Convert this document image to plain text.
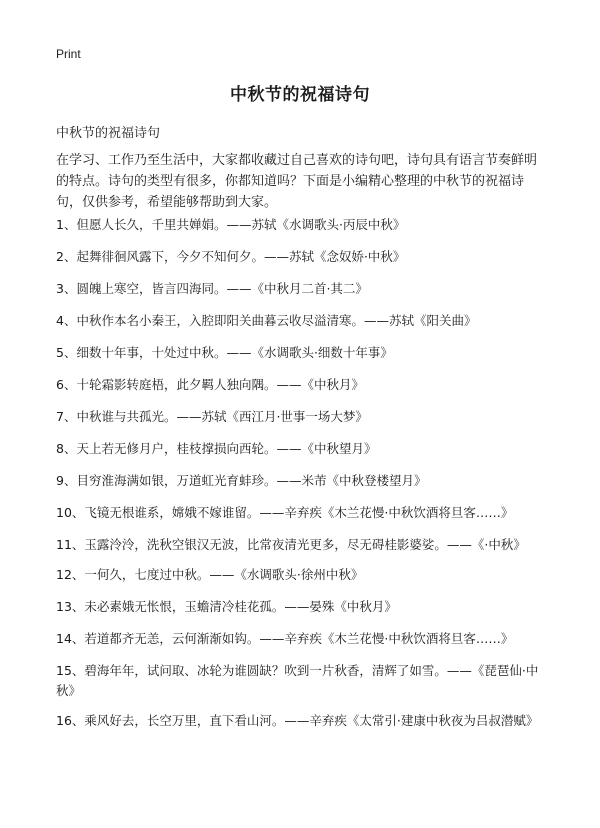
Print
中秋节的祝福诗句
中秋节的祝福诗句
在学习、工作乃至生活中，大家都收藏过自己喜欢的诗句吧，诗句具有语言节奏鲜明的特点。诗句的类型有很多，你都知道吗？下面是小编精心整理的中秋节的祝福诗句，仅供参考，希望能够帮助到大家。
1、但愿人长久，千里共婵娟。——苏轼《水调歌头·丙辰中秋》
2、起舞徘徊风露下，今夕不知何夕。——苏轼《念奴娇·中秋》
3、圆魄上寒空，皆言四海同。——《中秋月二首·其二》
4、中秋作本名小秦王，入腔即阳关曲暮云收尽溢清寒。——苏轼《阳关曲》
5、细数十年事，十处过中秋。——《水调歌头·细数十年事》
6、十轮霜影转庭梧，此夕羁人独向隅。——《中秋月》
7、中秋谁与共孤光。——苏轼《西江月·世事一场大梦》
8、天上若无修月户，桂枝撑损向西轮。——《中秋望月》
9、目穷淮海满如银，万道虹光育蚌珍。——米芾《中秋登楼望月》
10、飞镜无根谁系，嫦娥不嫁谁留。——辛弃疾《木兰花慢·中秋饮酒将旦客……》
11、玉露泠泠，洗秋空银汉无波，比常夜清光更多，尽无碍桂影婆娑。——《·中秋》
12、一何久，七度过中秋。——《水调歌头·徐州中秋》
13、未必素娥无怅恨，玉蟾清冷桂花孤。——晏殊《中秋月》
14、若道都齐无恙，云何渐渐如钩。——辛弃疾《木兰花慢·中秋饮酒将旦客……》
15、碧海年年，试问取、冰轮为谁圆缺？吹到一片秋香，清辉了如雪。——《琵琶仙·中秋》
16、乘风好去，长空万里，直下看山河。——辛弃疾《太常引·建康中秋夜为吕叔潜赋》
